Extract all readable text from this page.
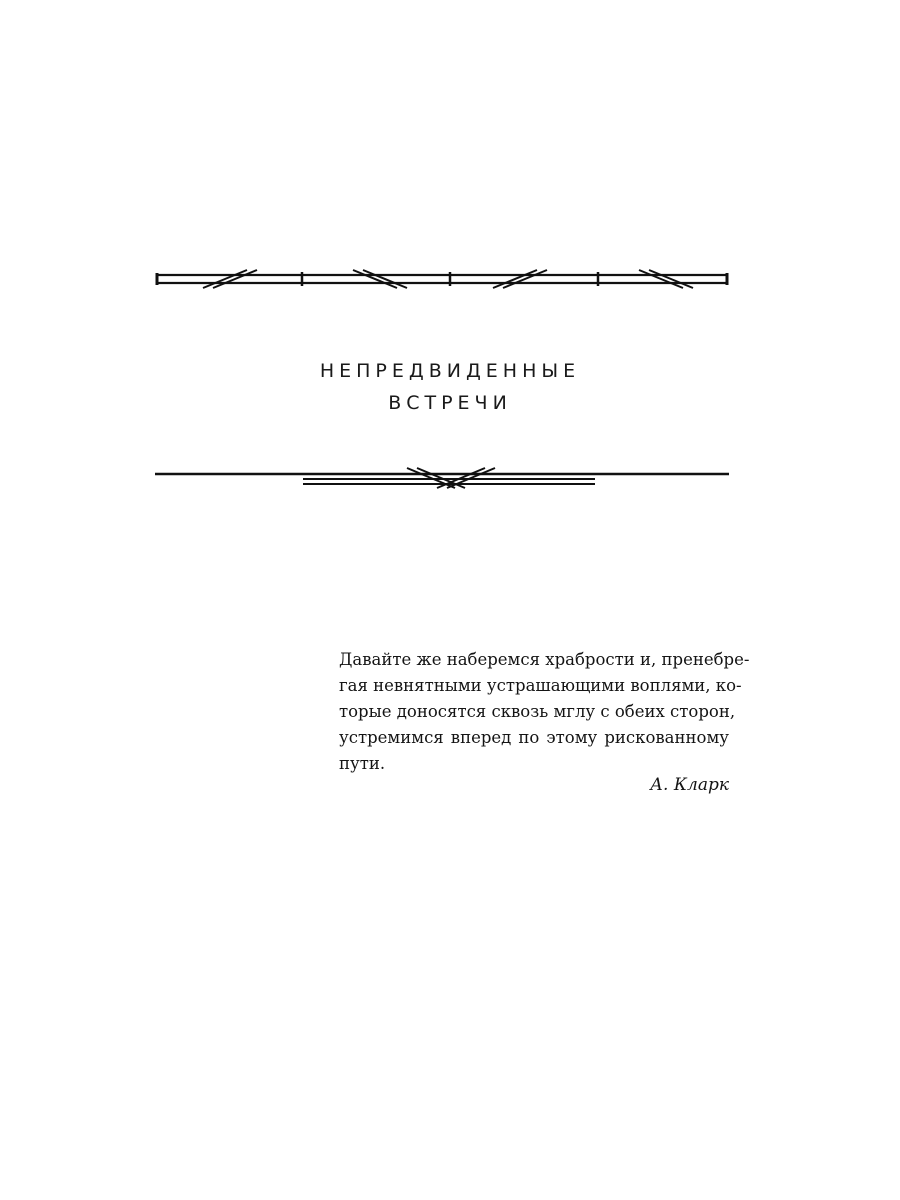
НЕПРЕДВИДЕННЫЕ
ВСТРЕЧИ
Давайте же наберемся храбрости и, пренебре-
гая невнятными устрашающими воплями, ко-
торые доносятся сквозь мглу с обеих сторон,
устремимся вперед по этому рискованному
пути.
А. Кларк
